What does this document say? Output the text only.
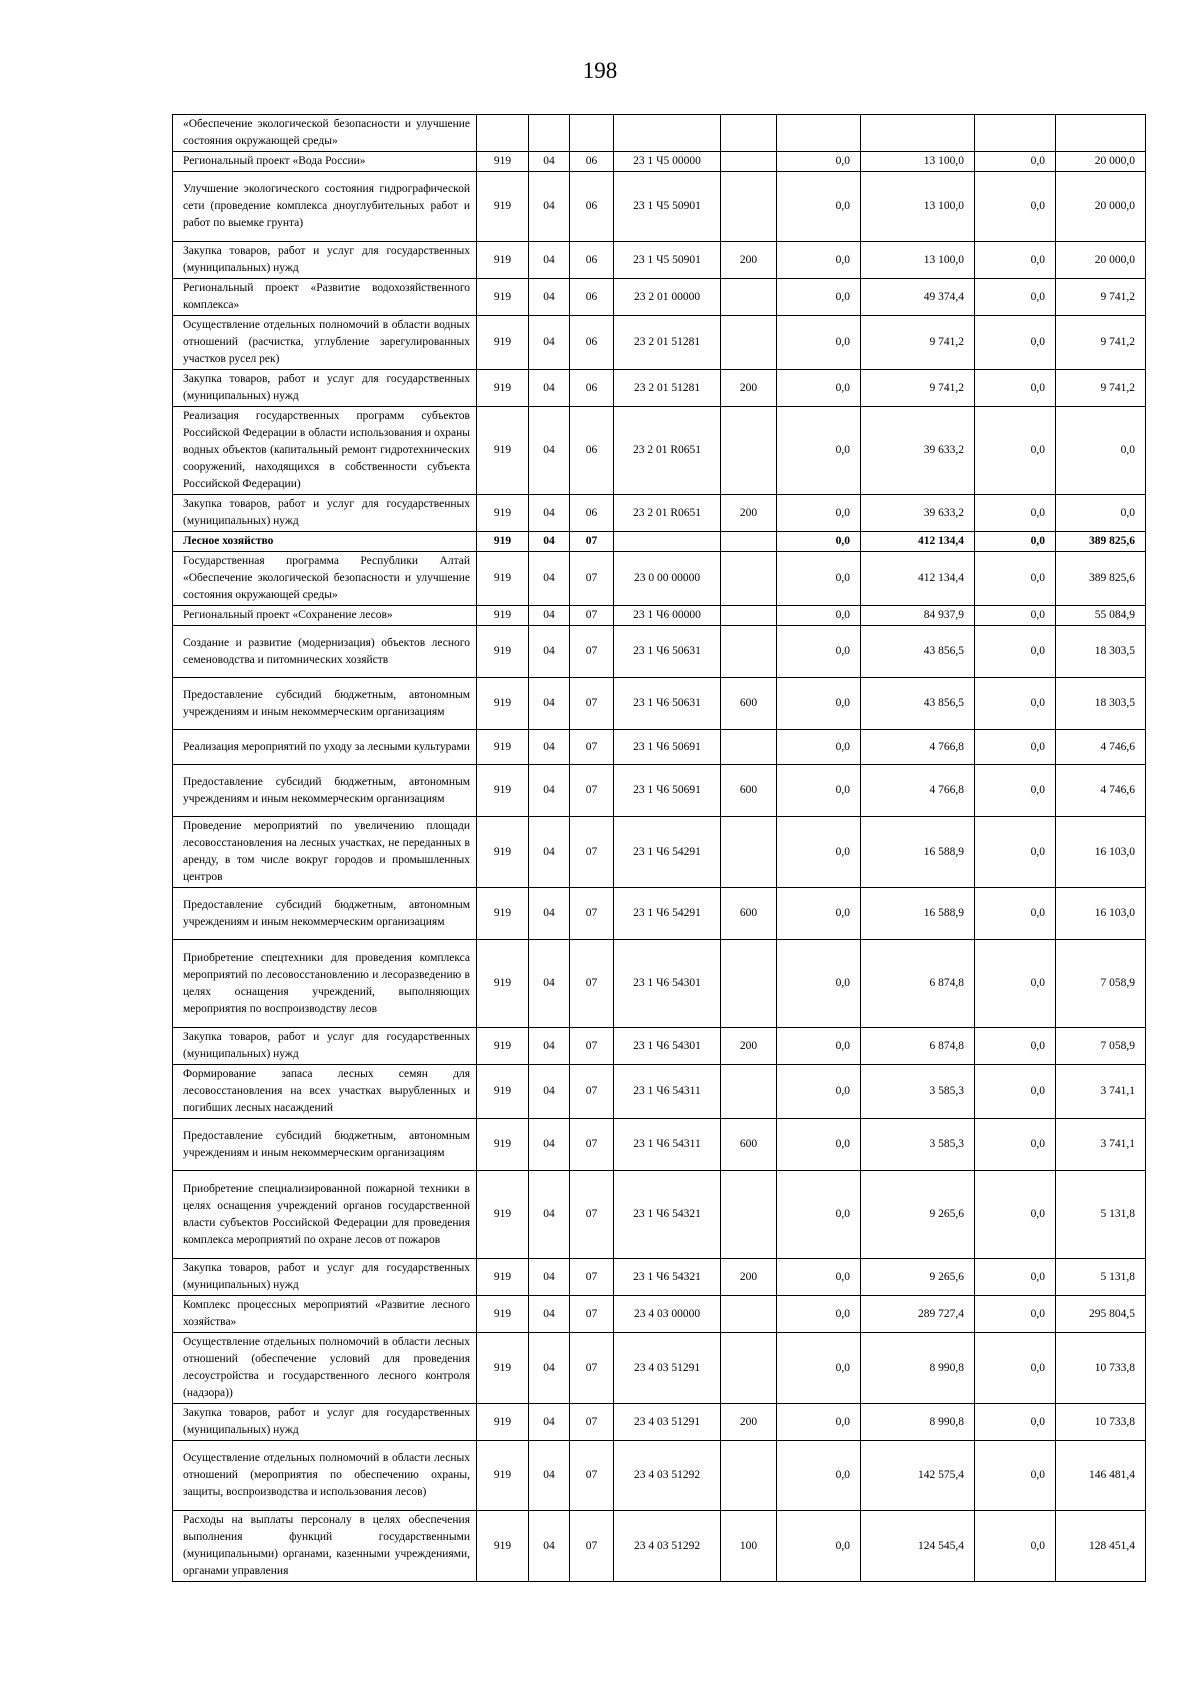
198
«Обеспечение экологической безопасности и улучшение состояния окружающей среды»									
Региональный проект «Вода России»	919	04	06	23 1 Ч5 00000		0,0	13 100,0	0,0	20 000,0
Улучшение экологического состояния гидрографической сети (проведение комплекса дноуглубительных работ и работ по выемке грунта)	919	04	06	23 1 Ч5 50901		0,0	13 100,0	0,0	20 000,0
Закупка товаров, работ и услуг для государственных (муниципальных) нужд	919	04	06	23 1 Ч5 50901	200	0,0	13 100,0	0,0	20 000,0
Региональный проект «Развитие водохозяйственного комплекса»	919	04	06	23 2 01 00000		0,0	49 374,4	0,0	9 741,2
Осуществление отдельных полномочий в области водных отношений (расчистка, углубление зарегулированных участков русел рек)	919	04	06	23 2 01 51281		0,0	9 741,2	0,0	9 741,2
Закупка товаров, работ и услуг для государственных (муниципальных) нужд	919	04	06	23 2 01 51281	200	0,0	9 741,2	0,0	9 741,2
Реализация государственных программ субъектов Российской Федерации в области использования и охраны водных объектов (капитальный ремонт гидротехнических сооружений, находящихся в собственности субъекта Российской Федерации)	919	04	06	23 2 01 R0651		0,0	39 633,2	0,0	0,0
Закупка товаров, работ и услуг для государственных (муниципальных) нужд	919	04	06	23 2 01 R0651	200	0,0	39 633,2	0,0	0,0
Лесное хозяйство	919	04	07			0,0	412 134,4	0,0	389 825,6
Государственная программа Республики Алтай «Обеспечение экологической безопасности и улучшение состояния окружающей среды»	919	04	07	23 0 00 00000		0,0	412 134,4	0,0	389 825,6
Региональный проект «Сохранение лесов»	919	04	07	23 1 Ч6 00000		0,0	84 937,9	0,0	55 084,9
Создание и развитие (модернизация) объектов лесного семеноводства и питомнических хозяйств	919	04	07	23 1 Ч6 50631		0,0	43 856,5	0,0	18 303,5
Предоставление субсидий бюджетным, автономным учреждениям и иным некоммерческим организациям	919	04	07	23 1 Ч6 50631	600	0,0	43 856,5	0,0	18 303,5
Реализация мероприятий по уходу за лесными культурами	919	04	07	23 1 Ч6 50691		0,0	4 766,8	0,0	4 746,6
Предоставление субсидий бюджетным, автономным учреждениям и иным некоммерческим организациям	919	04	07	23 1 Ч6 50691	600	0,0	4 766,8	0,0	4 746,6
Проведение мероприятий по увеличению площади лесовосстановления на лесных участках, не переданных в аренду, в том числе вокруг городов и промышленных центров	919	04	07	23 1 Ч6 54291		0,0	16 588,9	0,0	16 103,0
Предоставление субсидий бюджетным, автономным учреждениям и иным некоммерческим организациям	919	04	07	23 1 Ч6 54291	600	0,0	16 588,9	0,0	16 103,0
Приобретение спецтехники для проведения комплекса мероприятий по лесовосстановлению и лесоразведению в целях оснащения учреждений, выполняющих мероприятия по воспроизводству лесов	919	04	07	23 1 Ч6 54301		0,0	6 874,8	0,0	7 058,9
Закупка товаров, работ и услуг для государственных (муниципальных) нужд	919	04	07	23 1 Ч6 54301	200	0,0	6 874,8	0,0	7 058,9
Формирование запаса лесных семян для лесовосстановления на всех участках вырубленных и погибших лесных насаждений	919	04	07	23 1 Ч6 54311		0,0	3 585,3	0,0	3 741,1
Предоставление субсидий бюджетным, автономным учреждениям и иным некоммерческим организациям	919	04	07	23 1 Ч6 54311	600	0,0	3 585,3	0,0	3 741,1
Приобретение специализированной пожарной техники в целях оснащения учреждений органов государственной власти субъектов Российской Федерации для проведения комплекса мероприятий по охране лесов от пожаров	919	04	07	23 1 Ч6 54321		0,0	9 265,6	0,0	5 131,8
Закупка товаров, работ и услуг для государственных (муниципальных) нужд	919	04	07	23 1 Ч6 54321	200	0,0	9 265,6	0,0	5 131,8
Комплекс процессных мероприятий «Развитие лесного хозяйства»	919	04	07	23 4 03 00000		0,0	289 727,4	0,0	295 804,5
Осуществление отдельных полномочий в области лесных отношений (обеспечение условий для проведения лесоустройства и государственного лесного контроля (надзора))	919	04	07	23 4 03 51291		0,0	8 990,8	0,0	10 733,8
Закупка товаров, работ и услуг для государственных (муниципальных) нужд	919	04	07	23 4 03 51291	200	0,0	8 990,8	0,0	10 733,8
Осуществление отдельных полномочий в области лесных отношений (мероприятия по обеспечению охраны, защиты, воспроизводства и использования лесов)	919	04	07	23 4 03 51292		0,0	142 575,4	0,0	146 481,4
Расходы на выплаты персоналу в целях обеспечения выполнения функций государственными (муниципальными) органами, казенными учреждениями, органами управления	919	04	07	23 4 03 51292	100	0,0	124 545,4	0,0	128 451,4
